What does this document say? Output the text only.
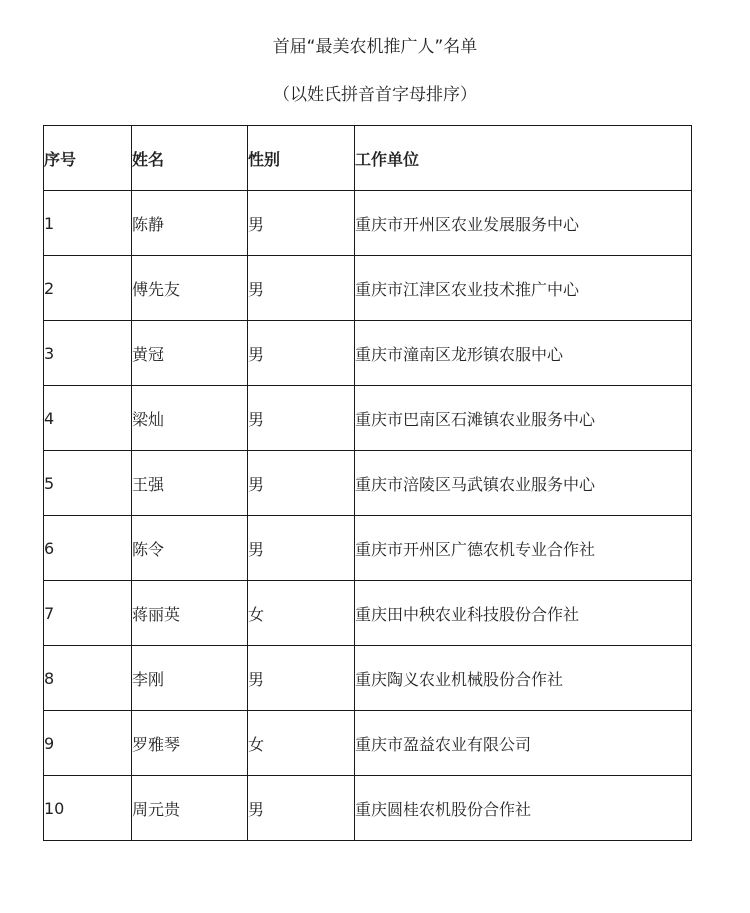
首届“最美农机推广人”名单
（以姓氏拼音首字母排序）
序号	姓名	性别	工作单位
1	陈静	男	重庆市开州区农业发展服务中心
2	傅先友	男	重庆市江津区农业技术推广中心
3	黄冠	男	重庆市潼南区龙形镇农服中心
4	梁灿	男	重庆市巴南区石滩镇农业服务中心
5	王强	男	重庆市涪陵区马武镇农业服务中心
6	陈令	男	重庆市开州区广德农机专业合作社
7	蒋丽英	女	重庆田中秧农业科技股份合作社
8	李刚	男	重庆陶义农业机械股份合作社
9	罗雅琴	女	重庆市盈益农业有限公司
10	周元贵	男	重庆圆桂农机股份合作社
